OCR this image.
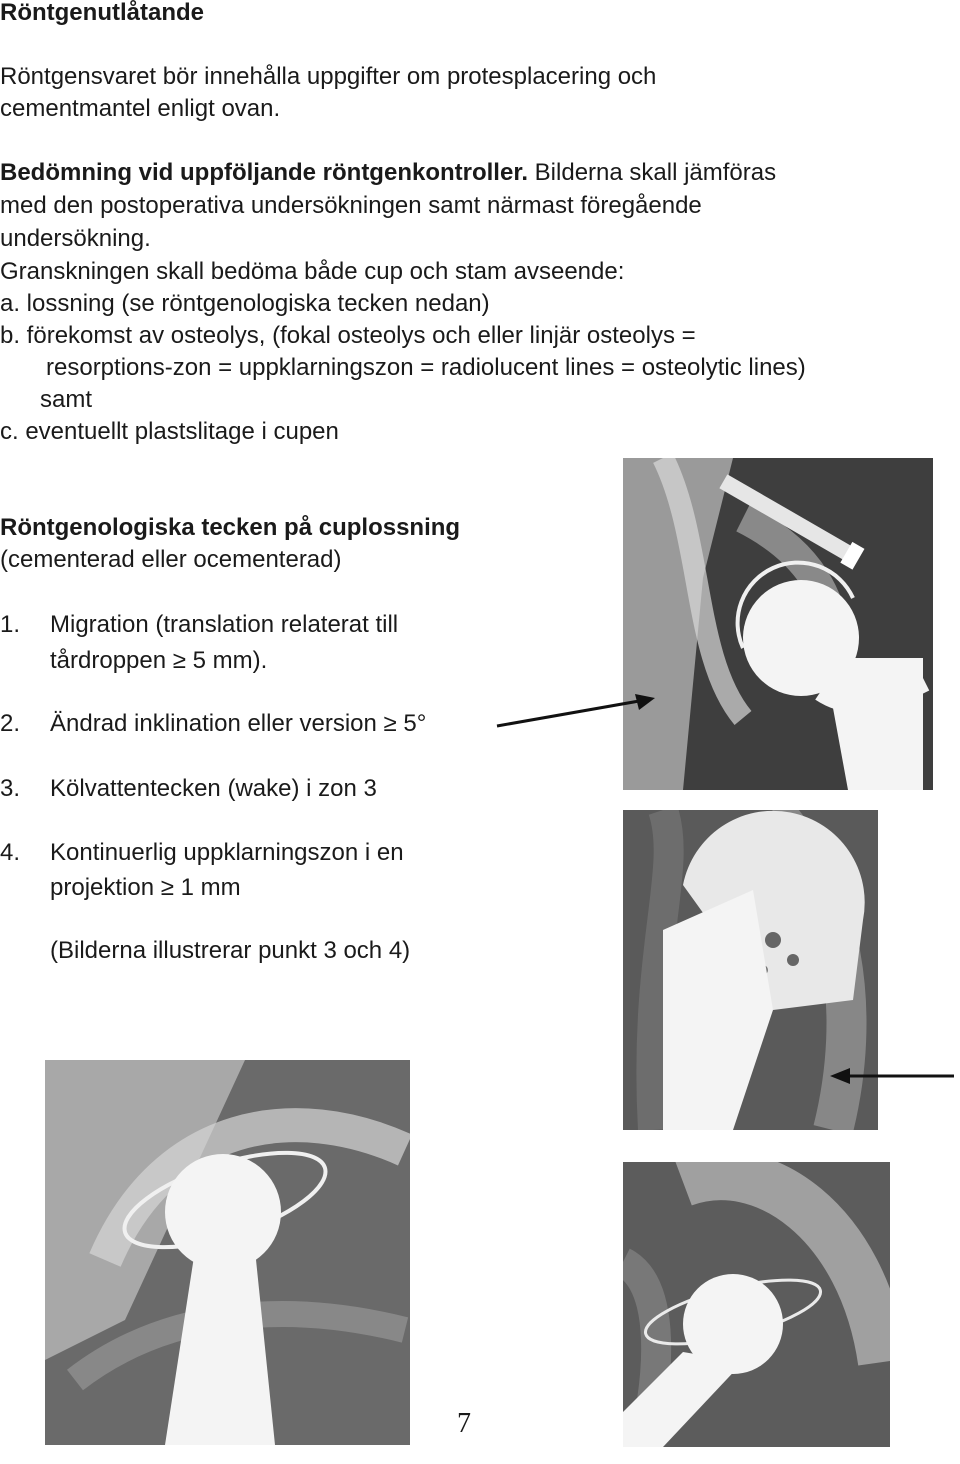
Röntgenutlåtande
Röntgensvaret bör innehålla uppgifter om protesplacering och
cementmantel enligt ovan.
Bedömning vid uppföljande röntgenkontroller. Bilderna skall jämföras
med den postoperativa undersökningen samt närmast föregående
undersökning.
Granskningen skall bedöma både cup och stam avseende:
a. lossning (se röntgenologiska tecken nedan)
b. förekomst av osteolys, (fokal osteolys och eller linjär osteolys =
resorptions-zon = uppklarningszon = radiolucent lines = osteolytic lines)
samt
c. eventuellt plastslitage i cupen
Röntgenologiska tecken på cuplossning
(cementerad eller ocementerad)
1. Migration (translation relaterat till
tårdroppen ≥ 5 mm).
2. Ändrad inklination eller version ≥ 5°
3. Kölvattentecken (wake) i zon 3
4. Kontinuerlig uppklarningszon i en
projektion ≥ 1 mm
(Bilderna illustrerar punkt 3 och 4)
7
